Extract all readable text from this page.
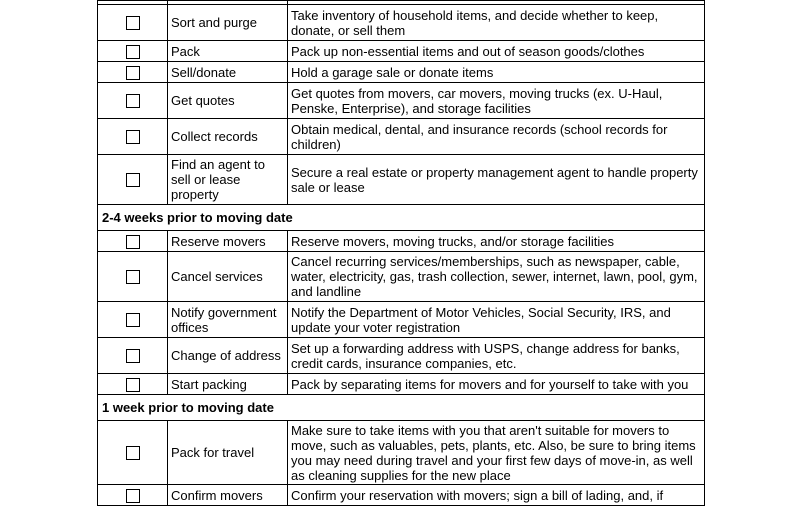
	Sort and purge	Take inventory of household items, and decide whether to keep, donate, or sell them
	Pack	Pack up non-essential items and out of season goods/clothes
	Sell/donate	Hold a garage sale or donate items
	Get quotes	Get quotes from movers, car movers, moving trucks (ex. U-Haul, Penske, Enterprise), and storage facilities
	Collect records	Obtain medical, dental, and insurance records (school records for children)
	Find an agent to sell or lease property	Secure a real estate or property management agent to handle property sale or lease
2-4 weeks prior to moving date		
	Reserve movers	Reserve movers, moving trucks, and/or storage facilities
	Cancel services	Cancel recurring services/memberships, such as newspaper, cable, water, electricity, gas, trash collection, sewer, internet, lawn, pool, gym, and landline
	Notify government offices	Notify the Department of Motor Vehicles, Social Security, IRS, and update your voter registration
	Change of address	Set up a forwarding address with USPS, change address for banks, credit cards, insurance companies, etc.
	Start packing	Pack by separating items for movers and for yourself to take with you
1 week prior to moving date		
	Pack for travel	Make sure to take items with you that aren't suitable for movers to move, such as valuables, pets, plants, etc. Also, be sure to bring items you may need during travel and your first few days of move-in, as well as cleaning supplies for the new place
	Confirm movers	Confirm your reservation with movers; sign a bill of lading, and, if
